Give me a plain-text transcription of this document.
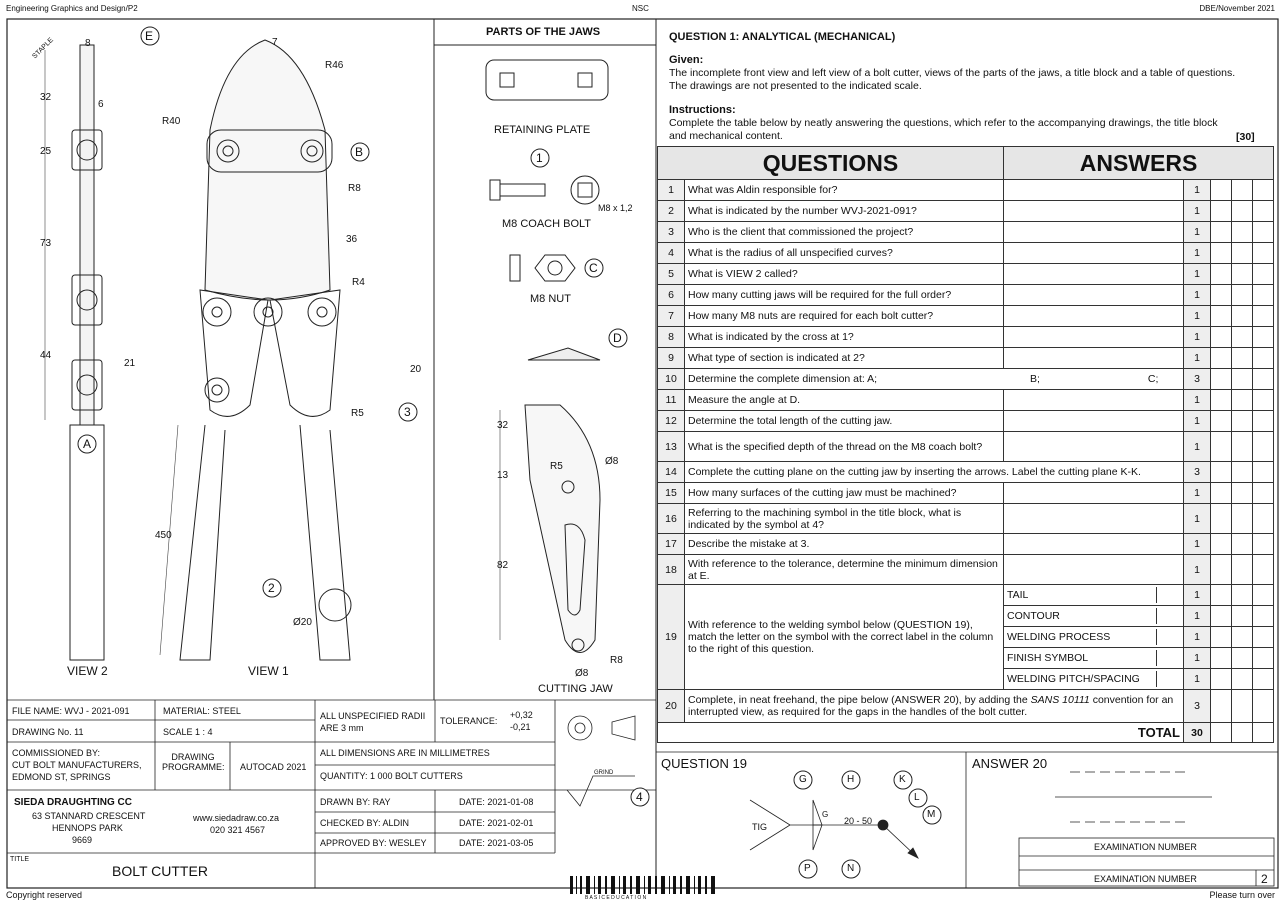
Engineering Graphics and Design/P2	NSC	DBE/November 2021
E
A
B
C
D
1
2
3
4
STAPLE	8	7
R46
R40
32
6
25
R8
36
73
R4
44
21
20
R5
450
Ø20
VIEW 2	VIEW 1
PARTS OF THE JAWS
RETAINING PLATE
M8 COACH BOLT
M8 x 1,2
M8 NUT
CUTTING JAW
32
13
R5	Ø8
82
R8
Ø8
FILE NAME: WVJ - 2021-091	MATERIAL: STEEL
DRAWING No. 11	SCALE 1 : 4
COMMISSIONED BY:
CUT BOLT MANUFACTURERS,
EDMOND ST, SPRINGS
DRAWING PROGRAMME: AUTOCAD 2021
SIEDA DRAUGHTING CC
63 STANNARD CRESCENT
HENNOPS PARK
9669
www.siedadraw.co.za
020 321 4567
TITLE
BOLT CUTTER
ALL UNSPECIFIED RADII
ARE 3 mm
TOLERANCE:
+0,32
-0,21
ALL DIMENSIONS ARE IN MILLIMETRES
QUANTITY: 1 000 BOLT CUTTERS
DRAWN BY: RAY	DATE: 2021-01-08
CHECKED BY: ALDIN	DATE: 2021-02-01
APPROVED BY: WESLEY	DATE: 2021-03-05
GRIND
QUESTION 1: ANALYTICAL (MECHANICAL)
Given:
The incomplete front view and left view of a bolt cutter, views of the parts of the jaws, a title block and a table of questions. The drawings are not presented to the indicated scale.
Instructions:
Complete the table below by neatly answering the questions, which refer to the accompanying drawings, the title block and mechanical content.	[30]
QUESTIONS		ANSWERS				
1	What was Aldin responsible for?		1			
2	What is indicated by the number WVJ-2021-091?		1			
3	Who is the client that commissioned the project?		1			
4	What is the radius of all unspecified curves?		1			
5	What is VIEW 2 called?		1			
6	How many cutting jaws will be required for the full order?		1			
7	How many M8 nuts are required for each bolt cutter?		1			
8	What is indicated by the cross at 1?		1			
9	What type of section is indicated at 2?		1			
10	Determine the complete dimension at: A; B; C;		3			
11	Measure the angle at D.		1			
12	Determine the total length of the cutting jaw.		1			
13	What is the specified depth of the thread on the M8 coach bolt?		1			
14	Complete the cutting plane on the cutting jaw by inserting the arrows. Label the cutting plane K-K.		3			
15	How many surfaces of the cutting jaw must be machined?		1			
16	Referring to the machining symbol in the title block, what is indicated by the symbol at 4?		1			
17	Describe the mistake at 3.		1			
18	With reference to the tolerance, determine the minimum dimension at E.		1			
19	With reference to the welding symbol below (QUESTION 19), match the letter on the symbol with the correct label in the column to the right of this question.	TAIL	1			

		CONTOUR	1			

		WELDING PROCESS	1			

		FINISH SYMBOL	1			

		WELDING PITCH/SPACING	1			
20	Complete, in neat freehand, the pipe below (ANSWER 20), by adding the SANS 10111 convention for an interrupted view, as required for the gaps in the handles of the bolt cutter.		3			
TOTAL			30			
QUESTION 19
TIG
G
20 - 50
G	H	K
L
M
P	N
ANSWER 20
EXAMINATION NUMBER
EXAMINATION NUMBER	2
Copyright reserved	B A S I C E D U C A T I O N	Please turn over
